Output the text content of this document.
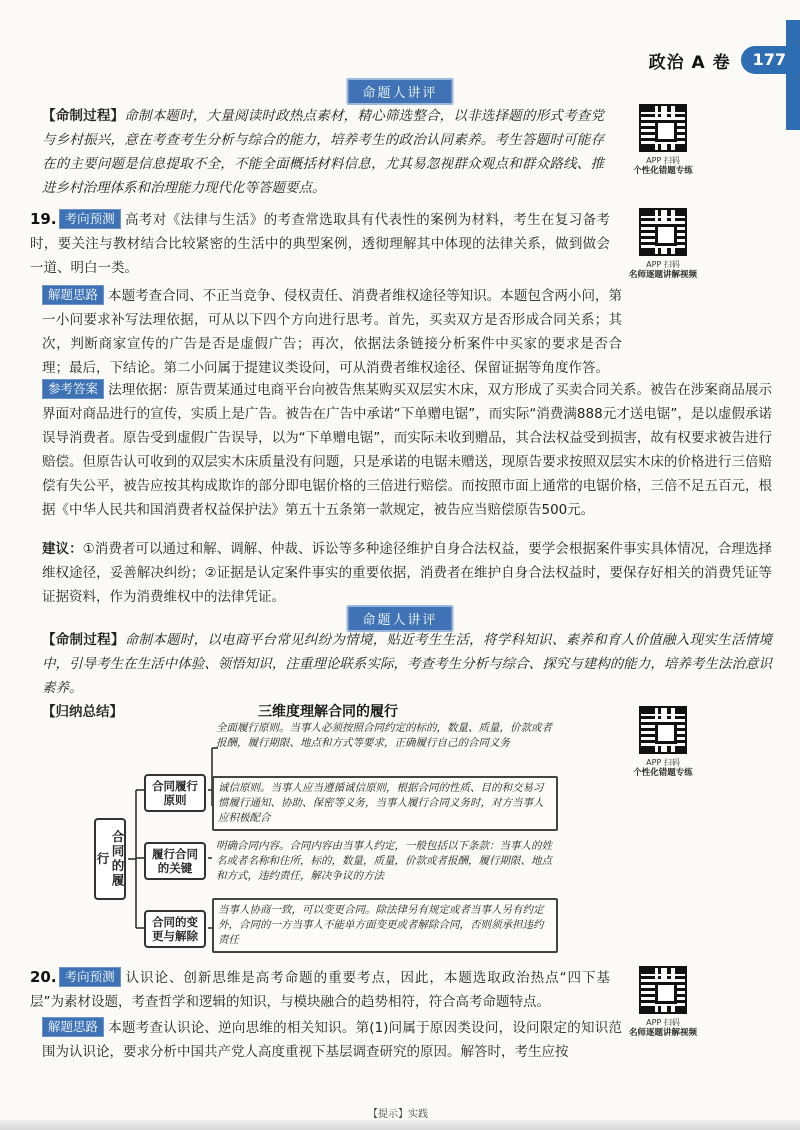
政治 A 卷	177
命题人讲评
【命制过程】命制本题时，大量阅读时政热点素材，精心筛选整合，以非选择题的形式考查党与乡村振兴，意在考查考生分析与综合的能力，培养考生的政治认同素养。考生答题时可能存在的主要问题是信息提取不全，不能全面概括材料信息，尤其易忽视群众观点和群众路线、推进乡村治理体系和治理能力现代化等答题要点。
APP 扫码
个性化错题专练
19. 考向预测 高考对《法律与生活》的考查常选取具有代表性的案例为材料，考生在复习备考时，要关注与教材结合比较紧密的生活中的典型案例，透彻理解其中体现的法律关系，做到做会一道、明白一类。	APP 扫码
名师逐题讲解视频
解题思路 本题考查合同、不正当竞争、侵权责任、消费者维权途径等知识。本题包含两小问，第一小问要求补写法理依据，可从以下四个方向进行思考。首先，买卖双方是否形成合同关系；其次，判断商家宣传的广告是否是虚假广告；再次，依据法条链接分析案件中买家的要求是否合理；最后，下结论。第二小问属于提建议类设问，可从消费者维权途径、保留证据等角度作答。
参考答案 法理依据：原告贾某通过电商平台向被告焦某购买双层实木床，双方形成了买卖合同关系。被告在涉案商品展示界面对商品进行的宣传，实质上是广告。被告在广告中承诺“下单赠电锯”，而实际“消费满888元才送电锯”，是以虚假承诺误导消费者。原告受到虚假广告误导，以为“下单赠电锯”，而实际未收到赠品，其合法权益受到损害，故有权要求被告进行赔偿。但原告认可收到的双层实木床质量没有问题，只是承诺的电锯未赠送，现原告要求按照双层实木床的价格进行三倍赔偿有失公平，被告应按其构成欺诈的部分即电锯价格的三倍进行赔偿。而按照市面上通常的电锯价格，三倍不足五百元，根据《中华人民共和国消费者权益保护法》第五十五条第一款规定，被告应当赔偿原告500元。
建议：①消费者可以通过和解、调解、仲裁、诉讼等多种途径维护自身合法权益，要学会根据案件事实具体情况，合理选择维权途径，妥善解决纠纷；②证据是认定案件事实的重要依据，消费者在维护自身合法权益时，要保存好相关的消费凭证等证据资料，作为消费维权中的法律凭证。
命题人讲评
【命制过程】命制本题时，以电商平台常见纠纷为情境，贴近考生生活，将学科知识、素养和育人价值融入现实生活情境中，引导考生在生活中体验、领悟知识，注重理论联系实际，考查考生分析与综合、探究与建构的能力，培养考生法治意识素养。
【归纳总结】
APP 扫码
个性化错题专练
三维度理解合同的履行
合同的履行
合同履行原则
履行合同的关键
合同的变更与解除
全面履行原则。当事人必须按照合同约定的标的，数量、质量，价款或者报酬，履行期限、地点和方式等要求，正确履行自己的合同义务
诚信原则。当事人应当遵循诚信原则，根据合同的性质、目的和交易习惯履行通知、协助、保密等义务，当事人履行合同义务时，对方当事人应积极配合
明确合同内容。合同内容由当事人约定，一般包括以下条款：当事人的姓名或者名称和住所，标的，数量，质量，价款或者报酬，履行期限、地点和方式，违约责任，解决争议的方法
当事人协商一致，可以变更合同。除法律另有规定或者当事人另有约定外，合同的一方当事人不能单方面变更或者解除合同，否则须承担违约责任
20. 考向预测 认识论、创新思维是高考命题的重要考点，因此，本题选取政治热点“四下基层”为素材设题，考查哲学和逻辑的知识，与模块融合的趋势相符，符合高考命题特点。
解题思路 本题考查认识论、逆向思维的相关知识。第(1)问属于原因类设问，设问限定的知识范围为认识论，要求分析中国共产党人高度重视下基层调查研究的原因。解答时，考生应按
APP 扫码
名师逐题讲解视频
【提示】实践
